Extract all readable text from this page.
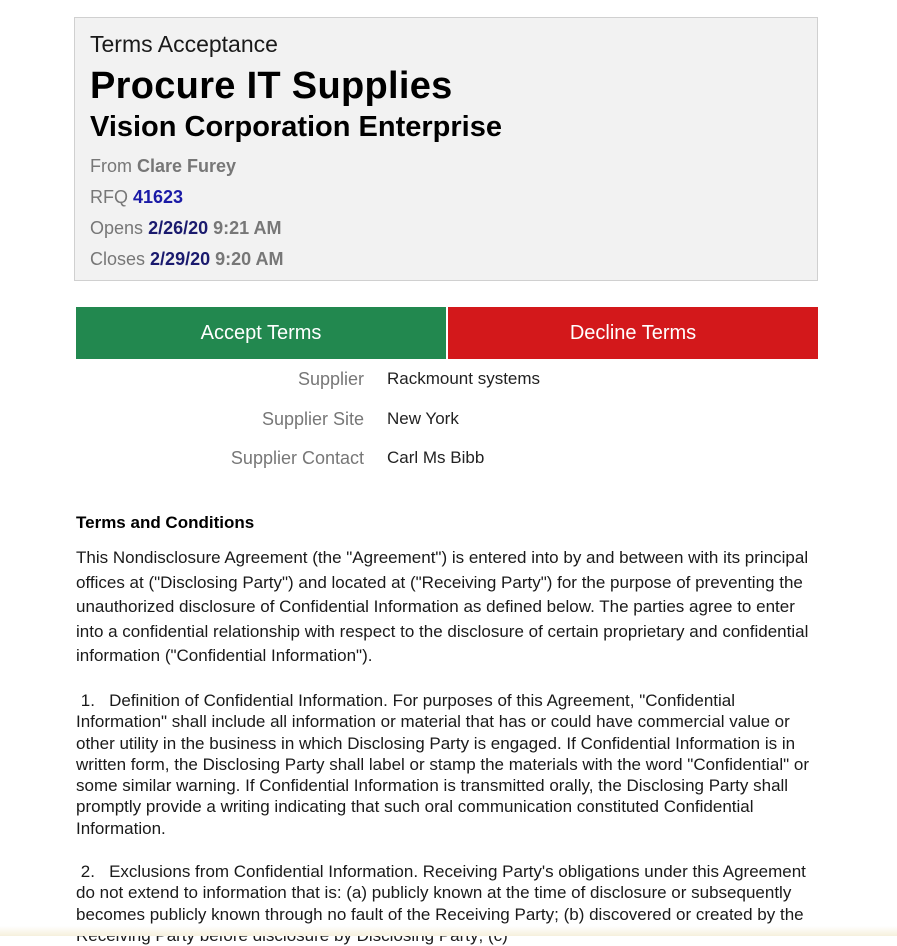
Terms Acceptance
Procure IT Supplies
Vision Corporation Enterprise
From Clare Furey
RFQ 41623
Opens 2/26/20 9:21 AM
Closes 2/29/20 9:20 AM
Accept Terms	Decline Terms
Supplier Rackmount systems
Supplier Site New York
Supplier Contact Carl Ms Bibb
Terms and Conditions

This Nondisclosure Agreement (the "Agreement") is entered into by and between with its principal offices at ("Disclosing Party") and located at ("Receiving Party") for the purpose of preventing the unauthorized disclosure of Confidential Information as defined below. The parties agree to enter into a confidential relationship with respect to the disclosure of certain proprietary and confidential information ("Confidential Information").

1.   Definition of Confidential Information. For purposes of this Agreement, "Confidential Information" shall include all information or material that has or could have commercial value or other utility in the business in which Disclosing Party is engaged. If Confidential Information is in written form, the Disclosing Party shall label or stamp the materials with the word "Confidential" or some similar warning. If Confidential Information is transmitted orally, the Disclosing Party shall promptly provide a writing indicating that such oral communication constituted Confidential Information.

2.   Exclusions from Confidential Information. Receiving Party's obligations under this Agreement do not extend to information that is: (a) publicly known at the time of disclosure or subsequently becomes publicly known through no fault of the Receiving Party; (b) discovered or created by the
